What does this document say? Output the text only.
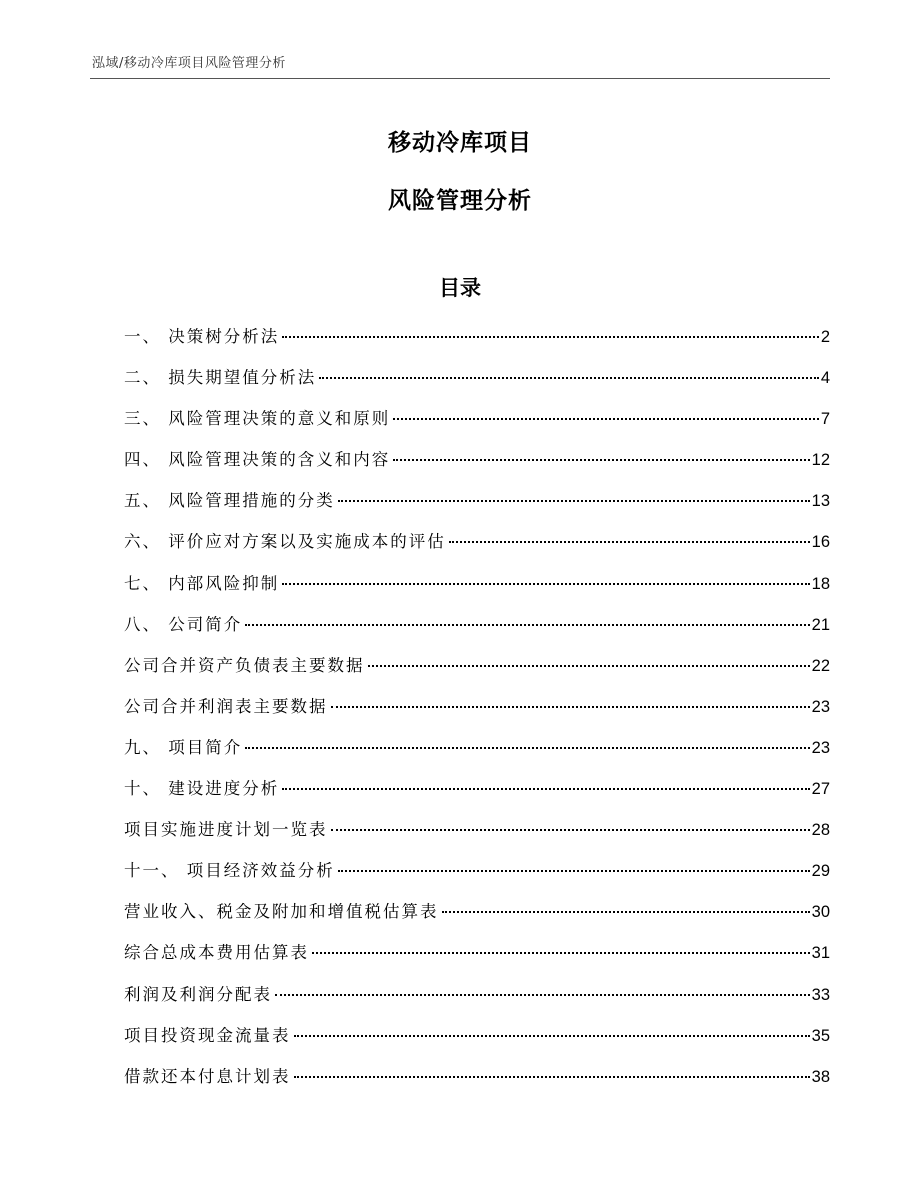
泓域/移动冷库项目风险管理分析
移动冷库项目
风险管理分析
目录
一、 决策树分析法	2
二、 损失期望值分析法	4
三、 风险管理决策的意义和原则	7
四、 风险管理决策的含义和内容	12
五、 风险管理措施的分类	13
六、 评价应对方案以及实施成本的评估	16
七、 内部风险抑制	18
八、 公司简介	21
公司合并资产负债表主要数据	22
公司合并利润表主要数据	23
九、 项目简介	23
十、 建设进度分析	27
项目实施进度计划一览表	28
十一、 项目经济效益分析	29
营业收入、税金及附加和增值税估算表	30
综合总成本费用估算表	31
利润及利润分配表	33
项目投资现金流量表	35
借款还本付息计划表	38
